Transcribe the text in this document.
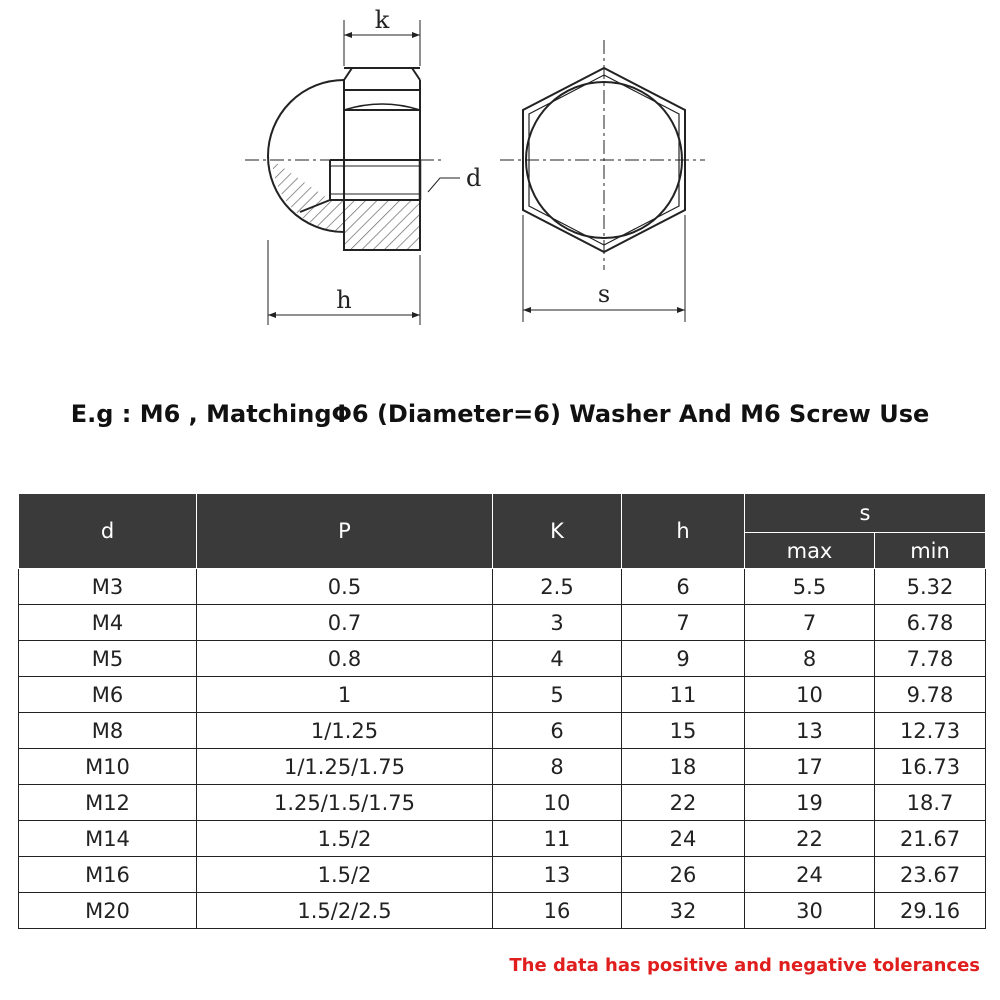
k
d
h	s
E.g : M6 , MatchingΦ6 (Diameter=6) Washer And M6 Screw Use
d	P	K	h	s	
				max	min
M3	0.5	2.5	6	5.5	5.32
M4	0.7	3	7	7	6.78
M5	0.8	4	9	8	7.78
M6	1	5	11	10	9.78
M8	1/1.25	6	15	13	12.73
M10	1/1.25/1.75	8	18	17	16.73
M12	1.25/1.5/1.75	10	22	19	18.7
M14	1.5/2	11	24	22	21.67
M16	1.5/2	13	26	24	23.67
M20	1.5/2/2.5	16	32	30	29.16
The data has positive and negative tolerances
